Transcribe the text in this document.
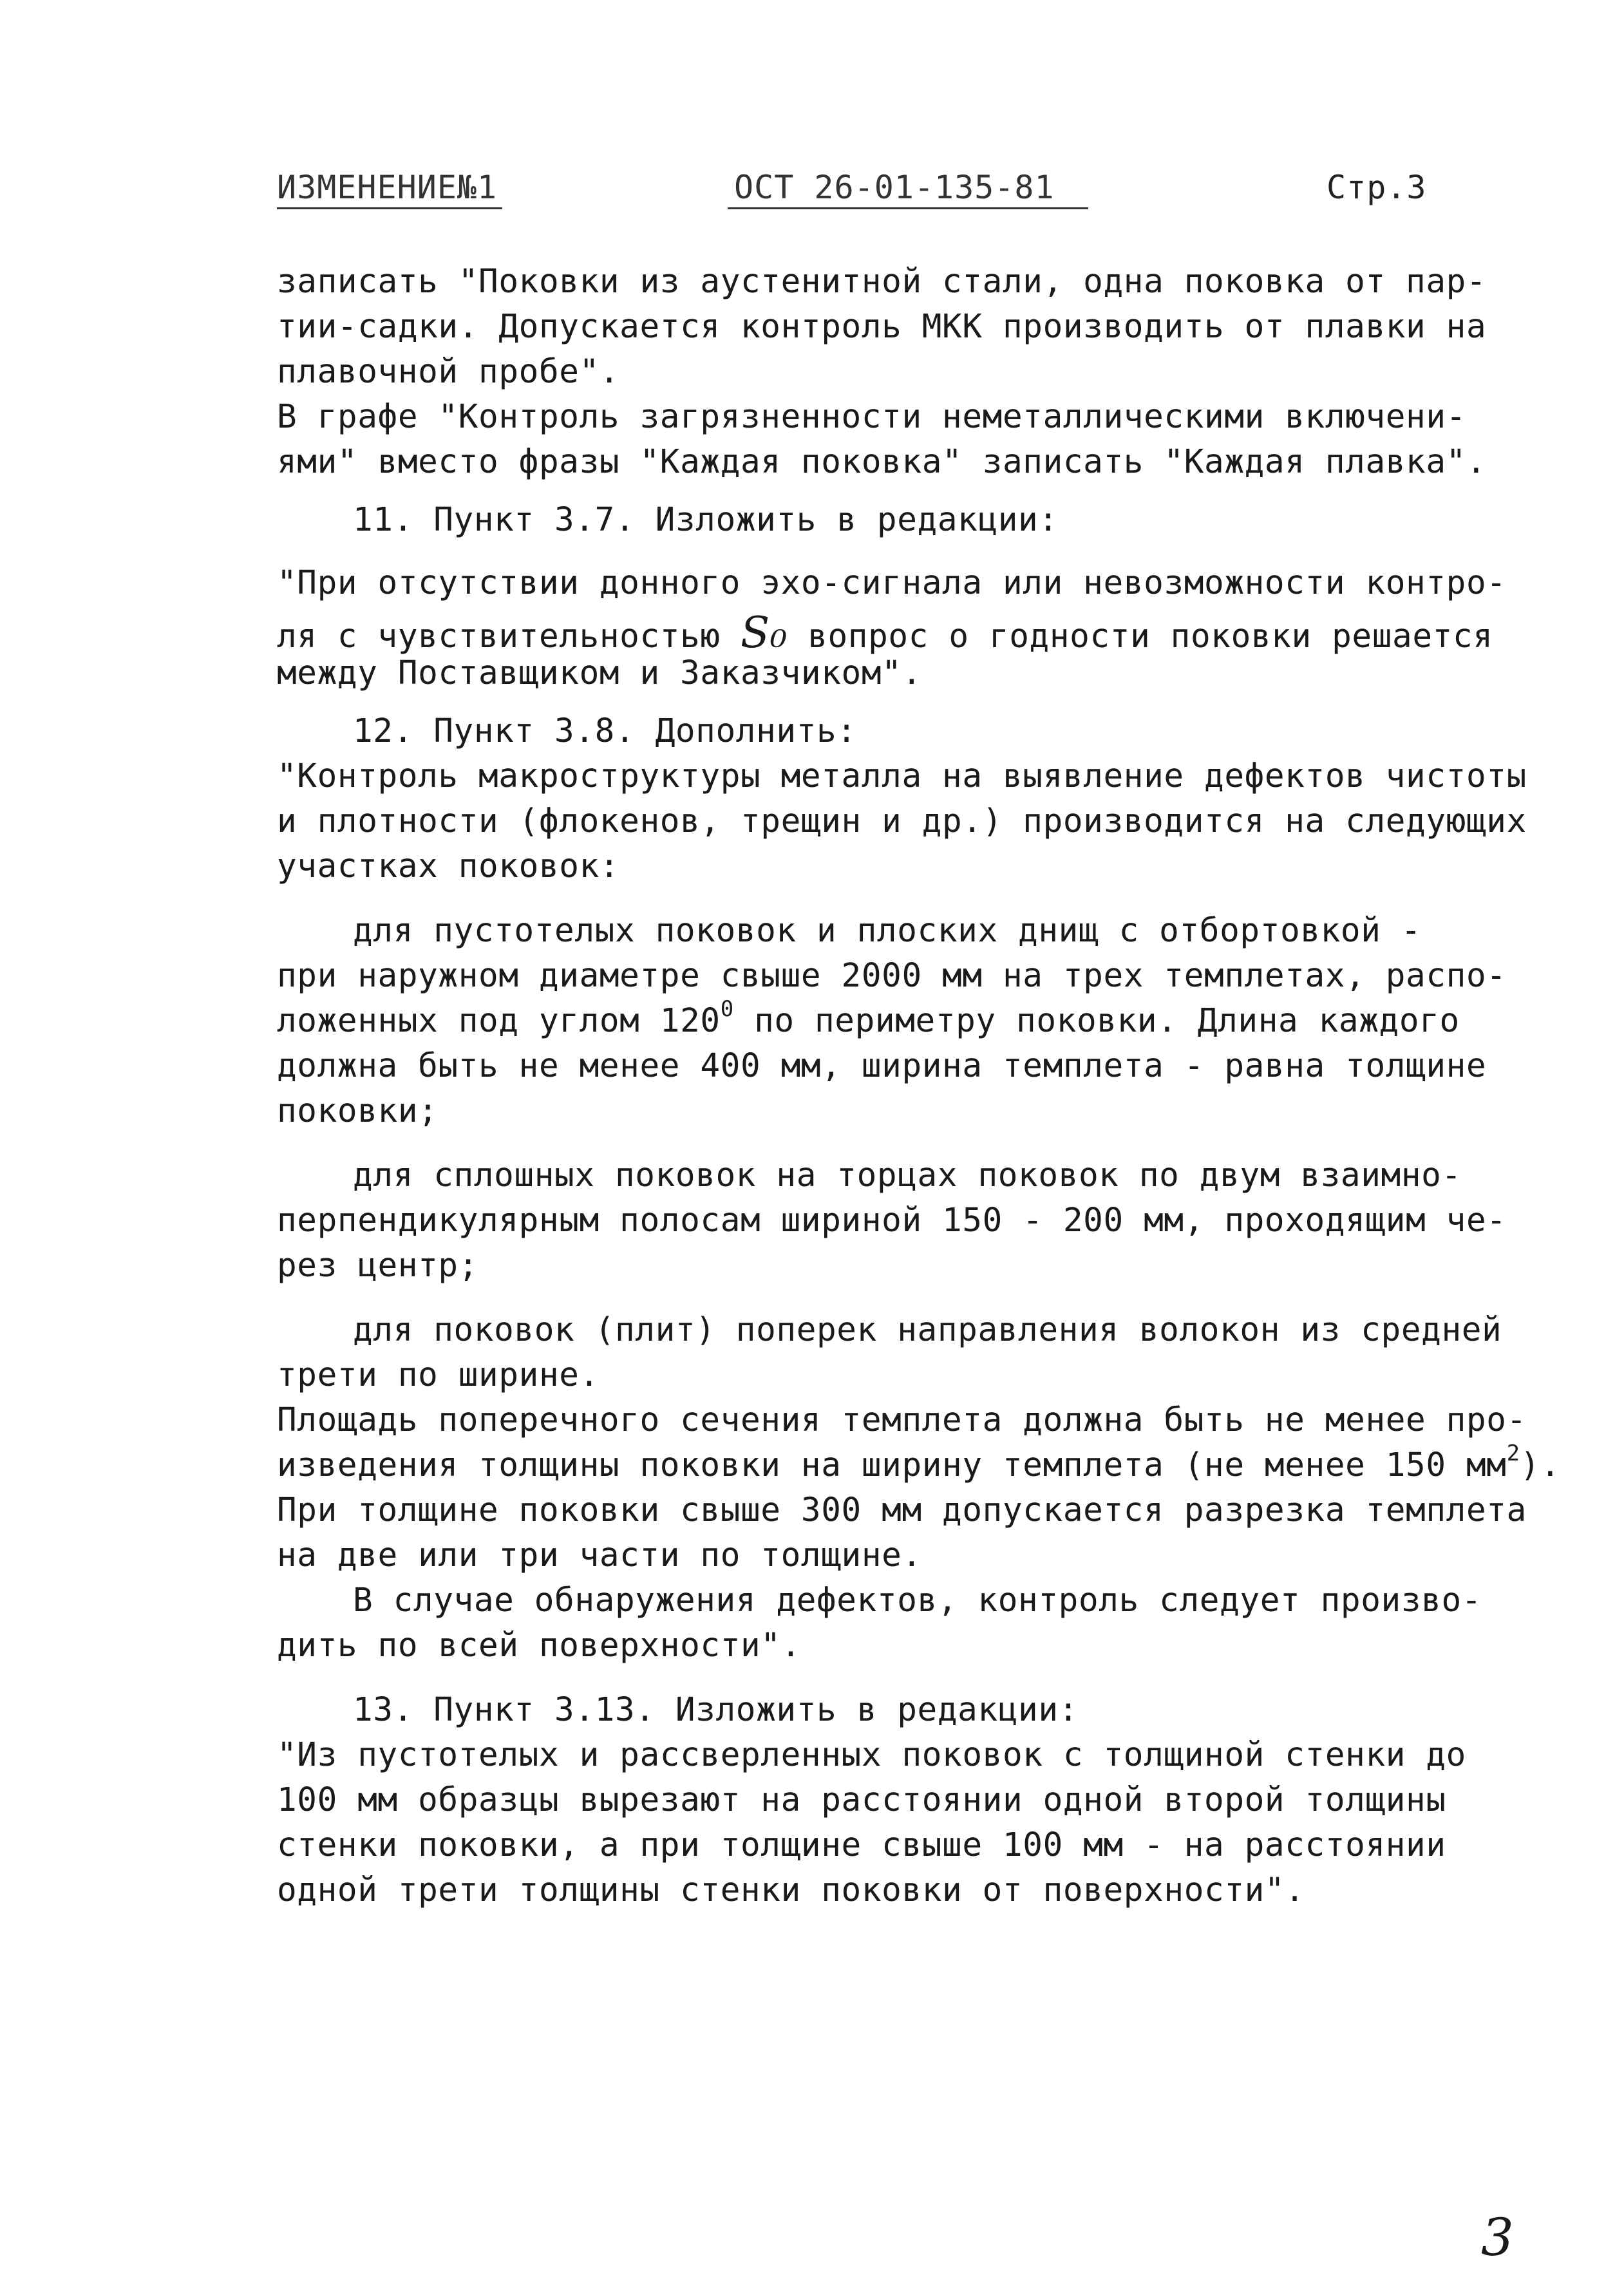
ИЗМЕНЕНИЕ№1	ОСТ 26-01-135-81	Стр.3
записать "Поковки из аустенитной стали, одна поковка от пар-
тии-садки. Допускается контроль МКК производить от плавки на
плавочной пробе".
В графе "Контроль загрязненности неметаллическими включени-
ями" вместо фразы "Каждая поковка" записать "Каждая плавка".
11. Пункт 3.7. Изложить в редакции:
"При отсутствии донного эхо-сигнала или невозможности контро-
ля с чувствительностью S₀ вопрос о годности поковки решается
между Поставщиком и Заказчиком".
12. Пункт 3.8. Дополнить:
"Контроль макроструктуры металла на выявление дефектов чистоты
и плотности (флокенов, трещин и др.) производится на следующих
участках поковок:
для пустотелых поковок и плоских днищ с отбортовкой -
при наружном диаметре свыше 2000 мм на трех темплетах, распо-
ложенных под углом $120^0$ по периметру поковки. Длина каждого
должна быть не менее 400 мм, ширина темплета - равна толщине
поковки;
для сплошных поковок на торцах поковок по двум взаимно-
перпендикулярным полосам шириной 150 - 200 мм, проходящим че-
рез центр;
для поковок (плит) поперек направления волокон из средней
трети по ширине.
Площадь поперечного сечения темплета должна быть не менее про-
изведения толщины поковки на ширину темплета (не менее 150 $мм^2$).
При толщине поковки свыше 300 мм допускается разрезка темплета
на две или три части по толщине.
В случае обнаружения дефектов, контроль следует произво-
дить по всей поверхности".
13. Пункт 3.13. Изложить в редакции:
"Из пустотелых и рассверленных поковок с толщиной стенки до
100 мм образцы вырезают на расстоянии одной второй толщины
стенки поковки, а при толщине свыше 100 мм - на расстоянии
одной трети толщины стенки поковки от поверхности".
3
